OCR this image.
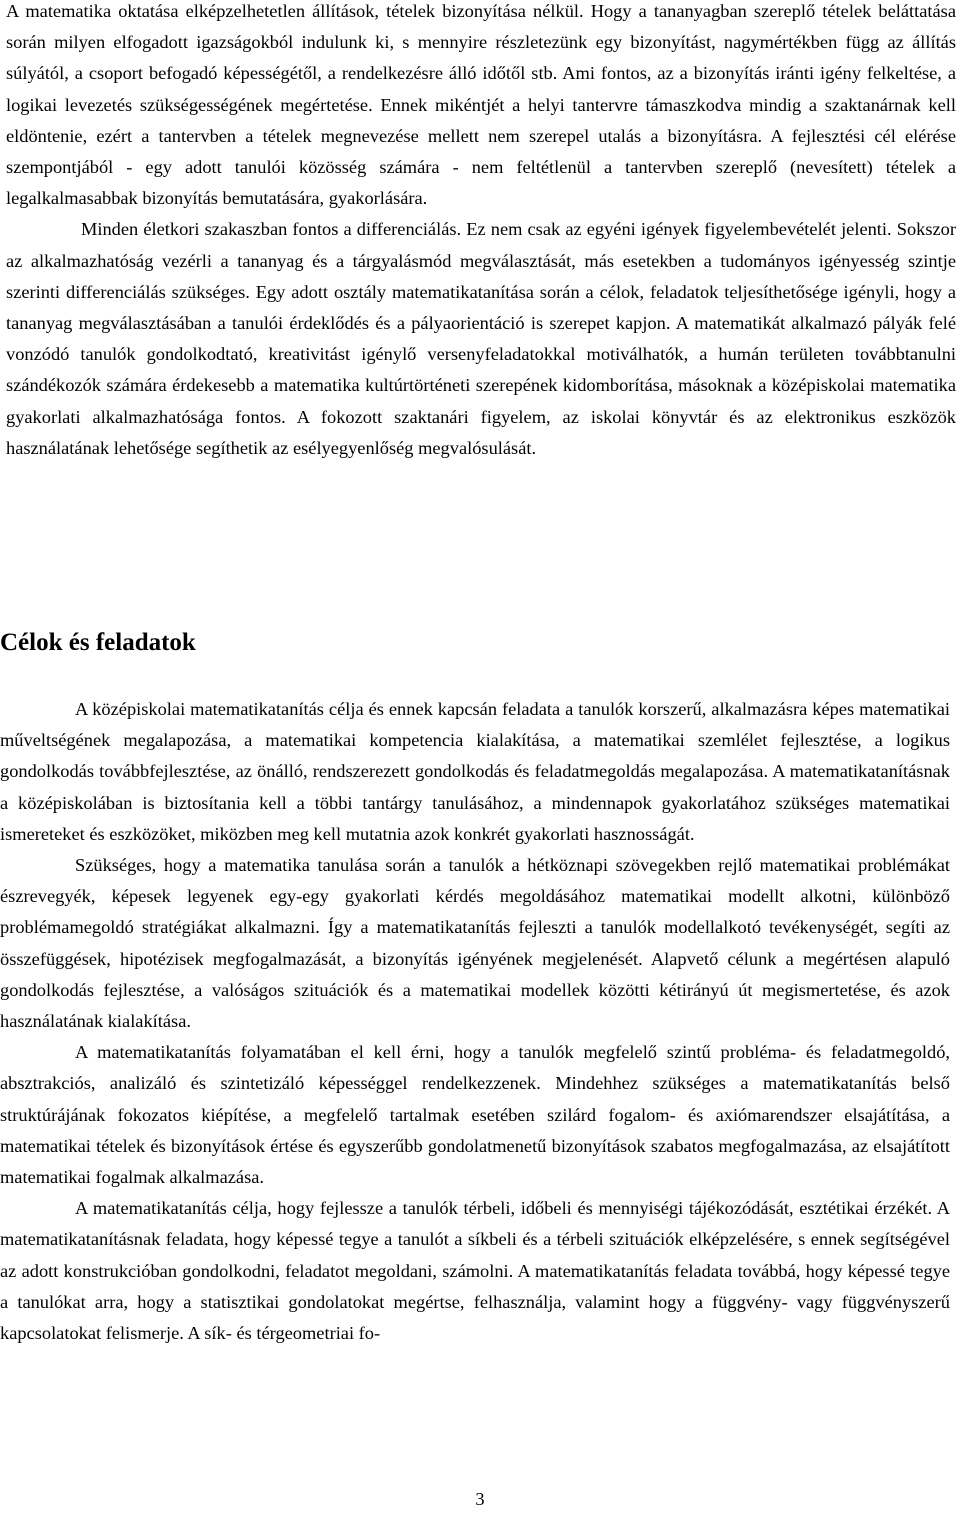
A matematika oktatása elképzelhetetlen állítások, tételek bizonyítása nélkül. Hogy a tananyagban szereplő tételek beláttatása során milyen elfogadott igazságokból indulunk ki, s mennyire részletezünk egy bizonyítást, nagymértékben függ az állítás súlyától, a csoport befogadó képességétől, a rendelkezésre álló időtől stb. Ami fontos, az a bizonyítás iránti igény felkeltése, a logikai levezetés szükségességének megértetése. Ennek mikéntjét a helyi tantervre támaszkodva mindig a szaktanárnak kell eldöntenie, ezért a tantervben a tételek megnevezése mellett nem szerepel utalás a bizonyításra. A fejlesztési cél elérése szempontjából - egy adott tanulói közösség számára - nem feltétlenül a tantervben szereplő (nevesített) tételek a legalkalmasabbak bizonyítás bemutatására, gyakorlására.

Minden életkori szakaszban fontos a differenciálás. Ez nem csak az egyéni igények figyelembevételét jelenti. Sokszor az alkalmazhatóság vezérli a tananyag és a tárgyalásmód megválasztását, más esetekben a tudományos igényesség szintje szerinti differenciálás szükséges. Egy adott osztály matematikatanítása során a célok, feladatok teljesíthetősége igényli, hogy a tananyag megválasztásában a tanulói érdeklődés és a pályaorientáció is szerepet kapjon. A matematikát alkalmazó pályák felé vonzódó tanulók gondolkodtató, kreativitást igénylő versenyfeladatokkal motiválhatók, a humán területen továbbtanulni szándékozók számára érdekesebb a matematika kultúrtörténeti szerepének kidomborítása, másoknak a középiskolai matematika gyakorlati alkalmazhatósága fontos. A fokozott szaktanári figyelem, az iskolai könyvtár és az elektronikus eszközök használatának lehetősége segíthetik az esélyegyenlőség megvalósulását.

Célok és feladatok

A középiskolai matematikatanítás célja és ennek kapcsán feladata a tanulók korszerű, alkalmazásra képes matematikai műveltségének megalapozása, a matematikai kompetencia kialakítása, a matematikai szemlélet fejlesztése, a logikus gondolkodás továbbfejlesztése, az önálló, rendszerezett gondolkodás és feladatmegoldás megalapozása. A matematikatanításnak a középiskolában is biztosítania kell a többi tantárgy tanulásához, a mindennapok gyakorlatához szükséges matematikai ismereteket és eszközöket, miközben meg kell mutatnia azok konkrét gyakorlati hasznosságát.

Szükséges, hogy a matematika tanulása során a tanulók a hétköznapi szövegekben rejlő matematikai problémákat észrevegyék, képesek legyenek egy-egy gyakorlati kérdés megoldásához matematikai modellt alkotni, különböző problémamegoldó stratégiákat alkalmazni. Így a matematikatanítás fejleszti a tanulók modellalkotó tevékenységét, segíti az összefüggések, hipotézisek megfogalmazását, a bizonyítás igényének megjelenését. Alapvető célunk a megértésen alapuló gondolkodás fejlesztése, a valóságos szituációk és a matematikai modellek közötti kétirányú út megismertetése, és azok használatának kialakítása.

A matematikatanítás folyamatában el kell érni, hogy a tanulók megfelelő szintű probléma- és feladatmegoldó, absztrakciós, analizáló és szintetizáló képességgel rendelkezzenek. Mindehhez szükséges a matematikatanítás belső struktúrájának fokozatos kiépítése, a megfelelő tartalmak esetében szilárd fogalom- és axiómarendszer elsajátítása, a matematikai tételek és bizonyítások értése és egyszerűbb gondolatmenetű bizonyítások szabatos megfogalmazása, az elsajátított matematikai fogalmak alkalmazása.

A matematikatanítás célja, hogy fejlessze a tanulók térbeli, időbeli és mennyiségi tájékozódását, esztétikai érzékét. A matematikatanításnak feladata, hogy képessé tegye a tanulót a síkbeli és a térbeli szituációk elképzelésére, s ennek segítségével az adott konstrukcióban gondolkodni, feladatot megoldani, számolni. A matematikatanítás feladata továbbá, hogy képessé tegye a tanulókat arra, hogy a statisztikai gondolatokat megértse, felhasználja, valamint hogy a függvény- vagy függvényszerű kapcsolatokat felismerje. A sík- és térgeometriai fo-

3
